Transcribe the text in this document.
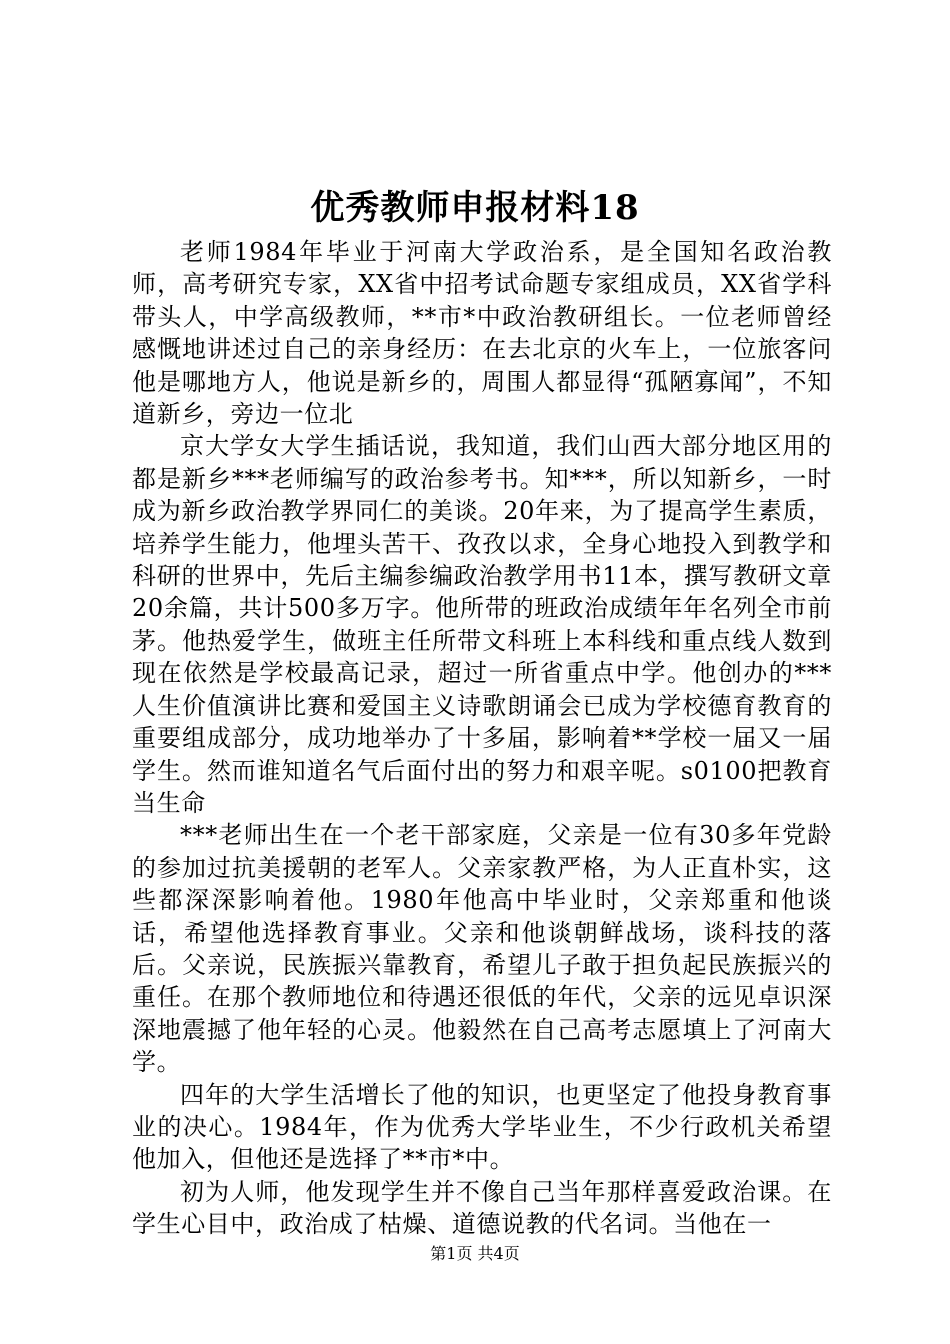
优秀教师申报材料18

老师1984年毕业于河南大学政治系，是全国知名政治教师，高考研究专家，XX省中招考试命题专家组成员，XX省学科带头人，中学高级教师，**市*中政治教研组长。一位老师曾经感慨地讲述过自己的亲身经历：在去北京的火车上，一位旅客问他是哪地方人，他说是新乡的，周围人都显得“孤陋寡闻”，不知道新乡，旁边一位北

京大学女大学生插话说，我知道，我们山西大部分地区用的都是新乡***老师编写的政治参考书。知***，所以知新乡，一时成为新乡政治教学界同仁的美谈。20年来，为了提高学生素质，培养学生能力，他埋头苦干、孜孜以求，全身心地投入到教学和科研的世界中，先后主编参编政治教学用书11本，撰写教研文章20余篇，共计500多万字。他所带的班政治成绩年年名列全市前茅。他热爱学生，做班主任所带文科班上本科线和重点线人数到现在依然是学校最高记录，超过一所省重点中学。他创办的***人生价值演讲比赛和爱国主义诗歌朗诵会已成为学校德育教育的重要组成部分，成功地举办了十多届，影响着**学校一届又一届学生。然而谁知道名气后面付出的努力和艰辛呢。s0100把教育当生命

***老师出生在一个老干部家庭，父亲是一位有30多年党龄的参加过抗美援朝的老军人。父亲家教严格，为人正直朴实，这些都深深影响着他。1980年他高中毕业时，父亲郑重和他谈话，希望他选择教育事业。父亲和他谈朝鲜战场，谈科技的落后。父亲说，民族振兴靠教育，希望儿子敢于担负起民族振兴的重任。在那个教师地位和待遇还很低的年代，父亲的远见卓识深深地震撼了他年轻的心灵。他毅然在自己高考志愿填上了河南大学。

四年的大学生活增长了他的知识，也更坚定了他投身教育事业的决心。1984年，作为优秀大学毕业生，不少行政机关希望他加入，但他还是选择了**市*中。

初为人师，他发现学生并不像自己当年那样喜爱政治课。在学生心目中，政治成了枯燥、道德说教的代名词。当他在一

第1页 共4页
